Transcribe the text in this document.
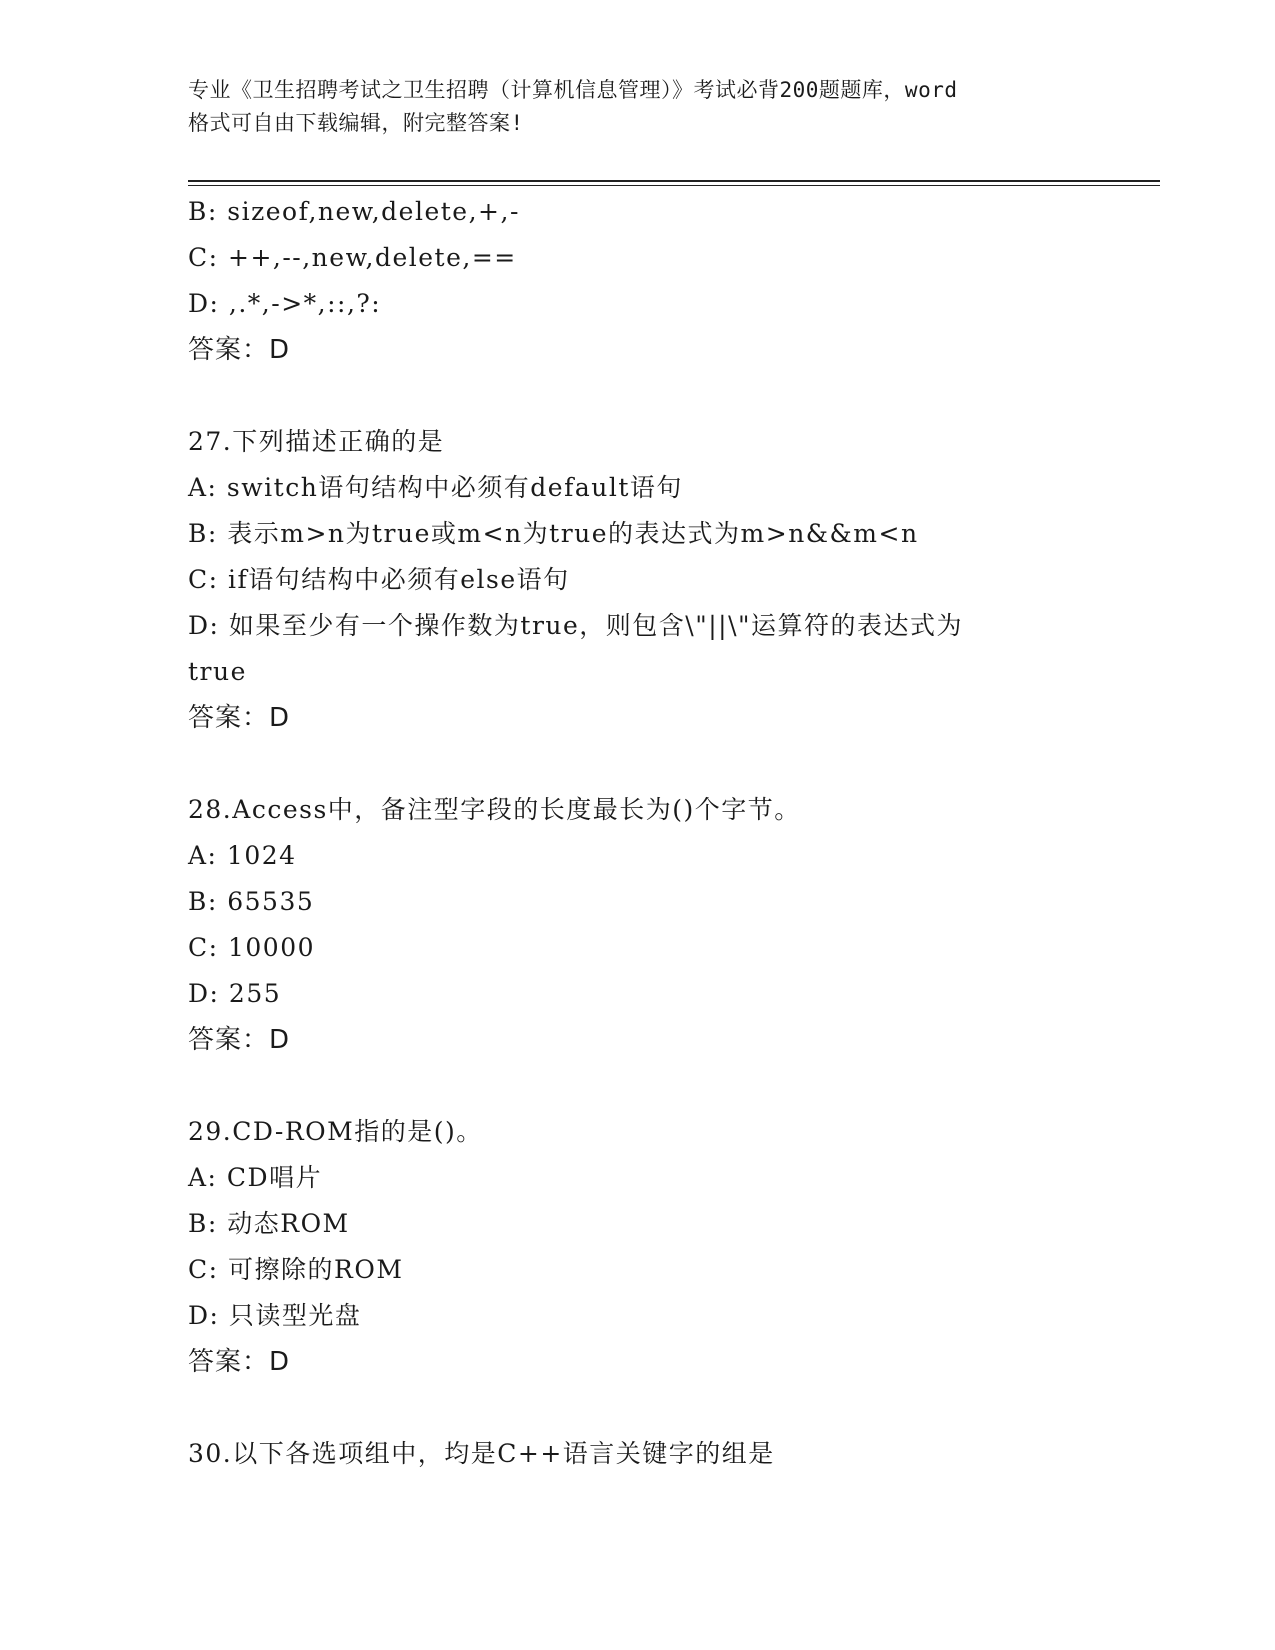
专业《卫生招聘考试之卫生招聘（计算机信息管理）》考试必背200题题库，word
格式可自由下载编辑，附完整答案!
B: sizeof,new,delete,+,-
C: ++,--,new,delete,==
D: ,.*,->*,::,?:
答案：D
27.下列描述正确的是
A: switch语句结构中必须有default语句
B: 表示m>n为true或m<n为true的表达式为m>n&&m<n
C: if语句结构中必须有else语句
D: 如果至少有一个操作数为true，则包含\"||\"运算符的表达式为
true
答案：D
28.Access中，备注型字段的长度最长为()个字节。
A: 1024
B: 65535
C: 10000
D: 255
答案：D
29.CD-ROM指的是()。
A: CD唱片
B: 动态ROM
C: 可擦除的ROM
D: 只读型光盘
答案：D
30.以下各选项组中，均是C++语言关键字的组是
